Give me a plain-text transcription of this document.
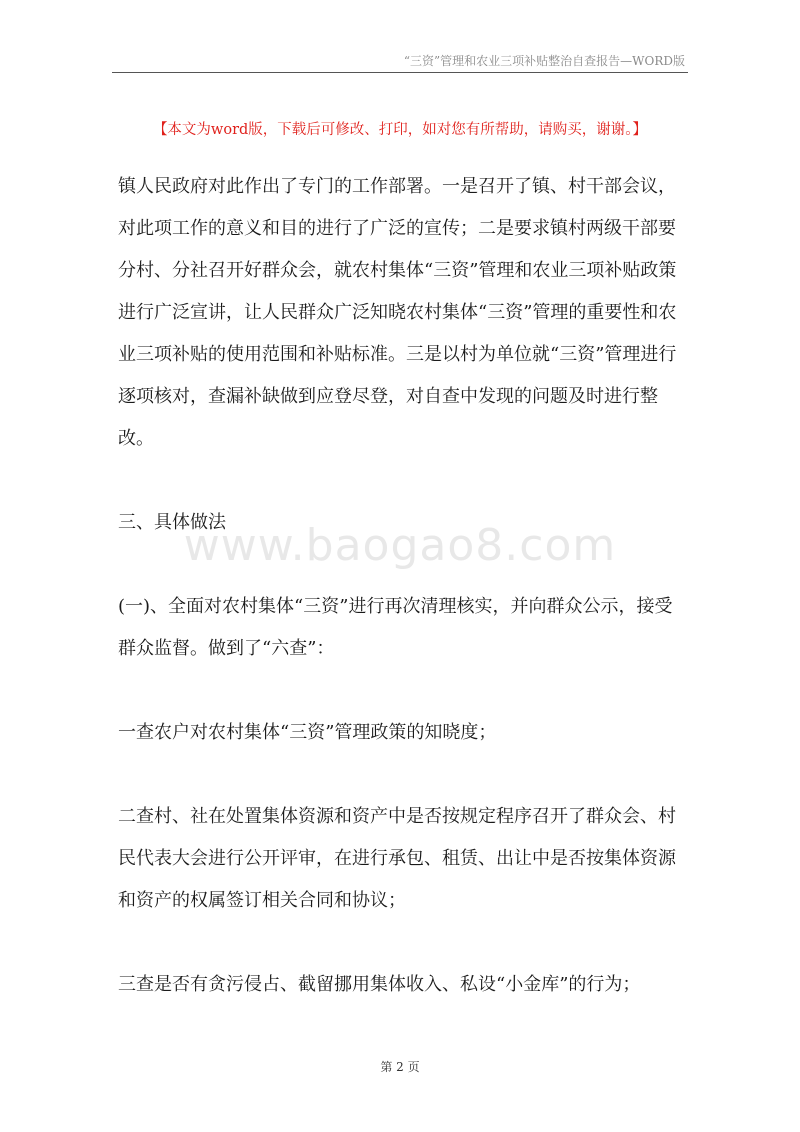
“三资”管理和农业三项补贴整治自查报告—WORD版
【本文为word版，下载后可修改、打印，如对您有所帮助，请购买，谢谢。】
www.baogao8.com

镇人民政府对此作出了专门的工作部署。一是召开了镇、村干部会议，对此项工作的意义和目的进行了广泛的宣传；二是要求镇村两级干部要分村、分社召开好群众会，就农村集体“三资”管理和农业三项补贴政策进行广泛宣讲，让人民群众广泛知晓农村集体“三资”管理的重要性和农业三项补贴的使用范围和补贴标准。三是以村为单位就“三资”管理进行逐项核对，查漏补缺做到应登尽登，对自查中发现的问题及时进行整改。

三、具体做法

(一)、全面对农村集体“三资”进行再次清理核实，并向群众公示，接受群众监督。做到了“六查”：

一查农户对农村集体“三资”管理政策的知晓度；

二查村、社在处置集体资源和资产中是否按规定程序召开了群众会、村民代表大会进行公开评审，在进行承包、租赁、出让中是否按集体资源和资产的权属签订相关合同和协议；

三查是否有贪污侵占、截留挪用集体收入、私设“小金库”的行为；

第 2 页
